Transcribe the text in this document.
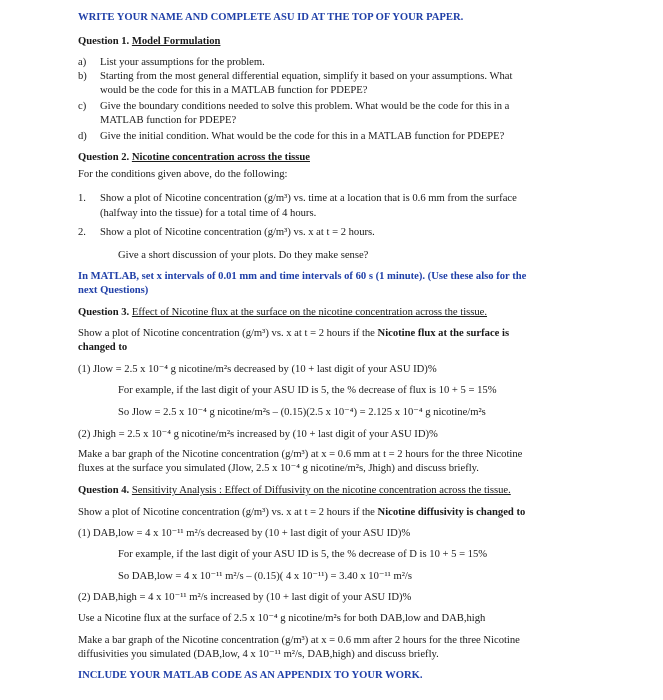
WRITE YOUR NAME AND COMPLETE ASU ID AT THE TOP OF YOUR PAPER.
Question 1. Model Formulation
a) List your assumptions for the problem.
b) Starting from the most general differential equation, simplify it based on your assumptions. What
would be the code for this in a MATLAB function for PDEPE?
c) Give the boundary conditions needed to solve this problem. What would be the code for this in a
MATLAB function for PDEPE?
d) Give the initial condition. What would be the code for this in a MATLAB function for PDEPE?
Question 2. Nicotine concentration across the tissue
For the conditions given above, do the following:
1. Show a plot of Nicotine concentration (g/m³) vs. time at a location that is 0.6 mm from the surface
(halfway into the tissue) for a total time of 4 hours.
2. Show a plot of Nicotine concentration (g/m³) vs. x at t = 2 hours.
Give a short discussion of your plots. Do they make sense?
In MATLAB, set x intervals of 0.01 mm and time intervals of 60 s (1 minute). (Use these also for the
next Questions)
Question 3. Effect of Nicotine flux at the surface on the nicotine concentration across the tissue.
Show a plot of Nicotine concentration (g/m³) vs. x at t = 2 hours if the Nicotine flux at the surface is
changed to
(1) Jlow = 2.5 x 10⁻⁴ g nicotine/m²s decreased by (10 + last digit of your ASU ID)%
For example, if the last digit of your ASU ID is 5, the % decrease of flux is 10 + 5 = 15%
So Jlow = 2.5 x 10⁻⁴ g nicotine/m²s – (0.15)(2.5 x 10⁻⁴) = 2.125 x 10⁻⁴ g nicotine/m²s
(2) Jhigh = 2.5 x 10⁻⁴ g nicotine/m²s increased by (10 + last digit of your ASU ID)%
Make a bar graph of the Nicotine concentration (g/m³) at x = 0.6 mm at t = 2 hours for the three Nicotine
fluxes at the surface you simulated (Jlow, 2.5 x 10⁻⁴ g nicotine/m²s, Jhigh) and discuss briefly.
Question 4. Sensitivity Analysis : Effect of Diffusivity on the nicotine concentration across the tissue.
Show a plot of Nicotine concentration (g/m³) vs. x at t = 2 hours if the Nicotine diffusivity is changed to
(1) DAB,low = 4 x 10⁻¹¹ m²/s decreased by (10 + last digit of your ASU ID)%
For example, if the last digit of your ASU ID is 5, the % decrease of D is 10 + 5 = 15%
So DAB,low = 4 x 10⁻¹¹ m²/s – (0.15)( 4 x 10⁻¹¹) = 3.40 x 10⁻¹¹ m²/s
(2) DAB,high = 4 x 10⁻¹¹ m²/s increased by (10 + last digit of your ASU ID)%
Use a Nicotine flux at the surface of 2.5 x 10⁻⁴ g nicotine/m²s for both DAB,low and DAB,high
Make a bar graph of the Nicotine concentration (g/m³) at x = 0.6 mm after 2 hours for the three Nicotine
diffusivities you simulated (DAB,low, 4 x 10⁻¹¹ m²/s, DAB,high) and discuss briefly.
INCLUDE YOUR MATLAB CODE AS AN APPENDIX TO YOUR WORK.
